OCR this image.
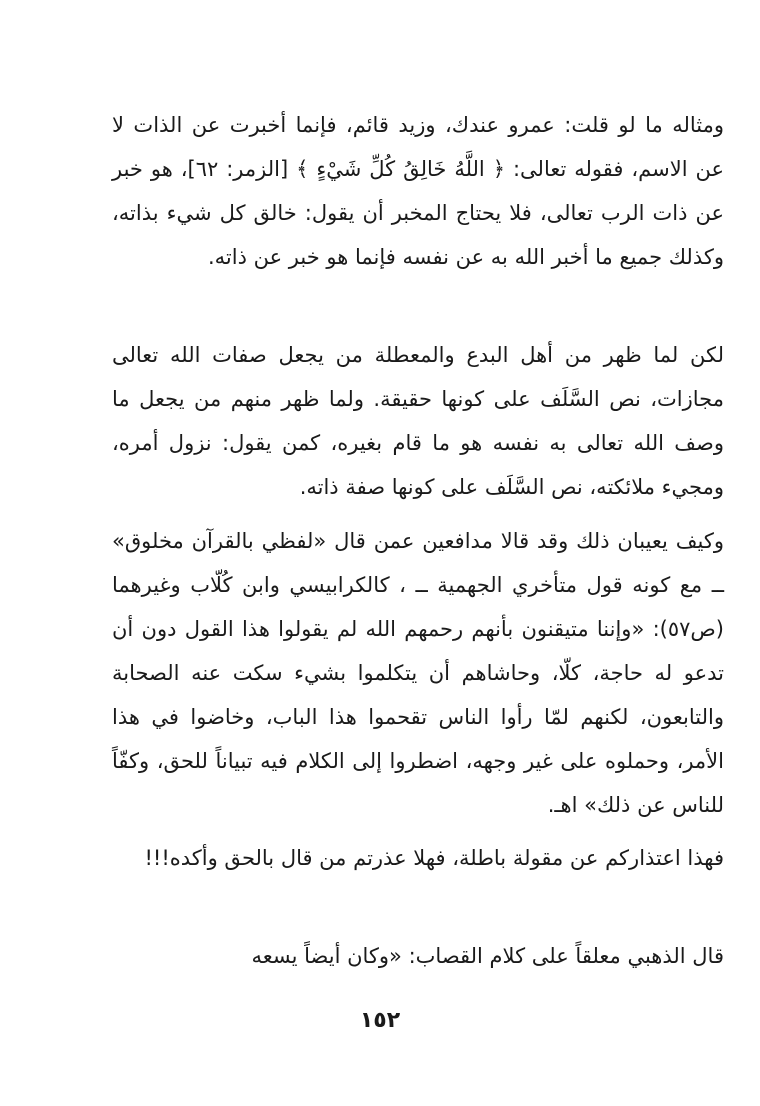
ومثاله ما لو قلت: عمرو عندك، وزيد قائم، فإنما أخبرت عن الذات لا عن الاسم، فقوله تعالى: ﴿ اللَّهُ خَالِقُ كُلِّ شَيْءٍ ﴾ [الزمر: ٦٢]، هو خبر عن ذات الرب تعالى، فلا يحتاج المخبر أن يقول: خالق كل شيء بذاته، وكذلك جميع ما أخبر الله به عن نفسه فإنما هو خبر عن ذاته.

لكن لما ظهر من أهل البدع والمعطلة من يجعل صفات الله تعالى مجازات، نص السَّلَف على كونها حقيقة. ولما ظهر منهم من يجعل ما وصف الله تعالى به نفسه هو ما قام بغيره، كمن يقول: نزول أمره، ومجيء ملائكته، نص السَّلَف على كونها صفة ذاته.

وكيف يعيبان ذلك وقد قالا مدافعين عمن قال «لفظي بالقرآن مخلوق» ــ مع كونه قول متأخري الجهمية ــ ، كالكرابيسي وابن كُلّاب وغيرهما (ص٥٧): «وإننا متيقنون بأنهم رحمهم الله لم يقولوا هذا القول دون أن تدعو له حاجة، كلّا، وحاشاهم أن يتكلموا بشيء سكت عنه الصحابة والتابعون، لكنهم لمّا رأوا الناس تقحموا هذا الباب، وخاضوا في هذا الأمر، وحملوه على غير وجهه، اضطروا إلى الكلام فيه تبياناً للحق، وكفّاً للناس عن ذلك» اهـ.

فهذا اعتذاركم عن مقولة باطلة، فهلا عذرتم من قال بالحق وأكده!!!

قال الذهبي معلقاً على كلام القصاب: «وكان أيضاً يسعه

١٥٢
